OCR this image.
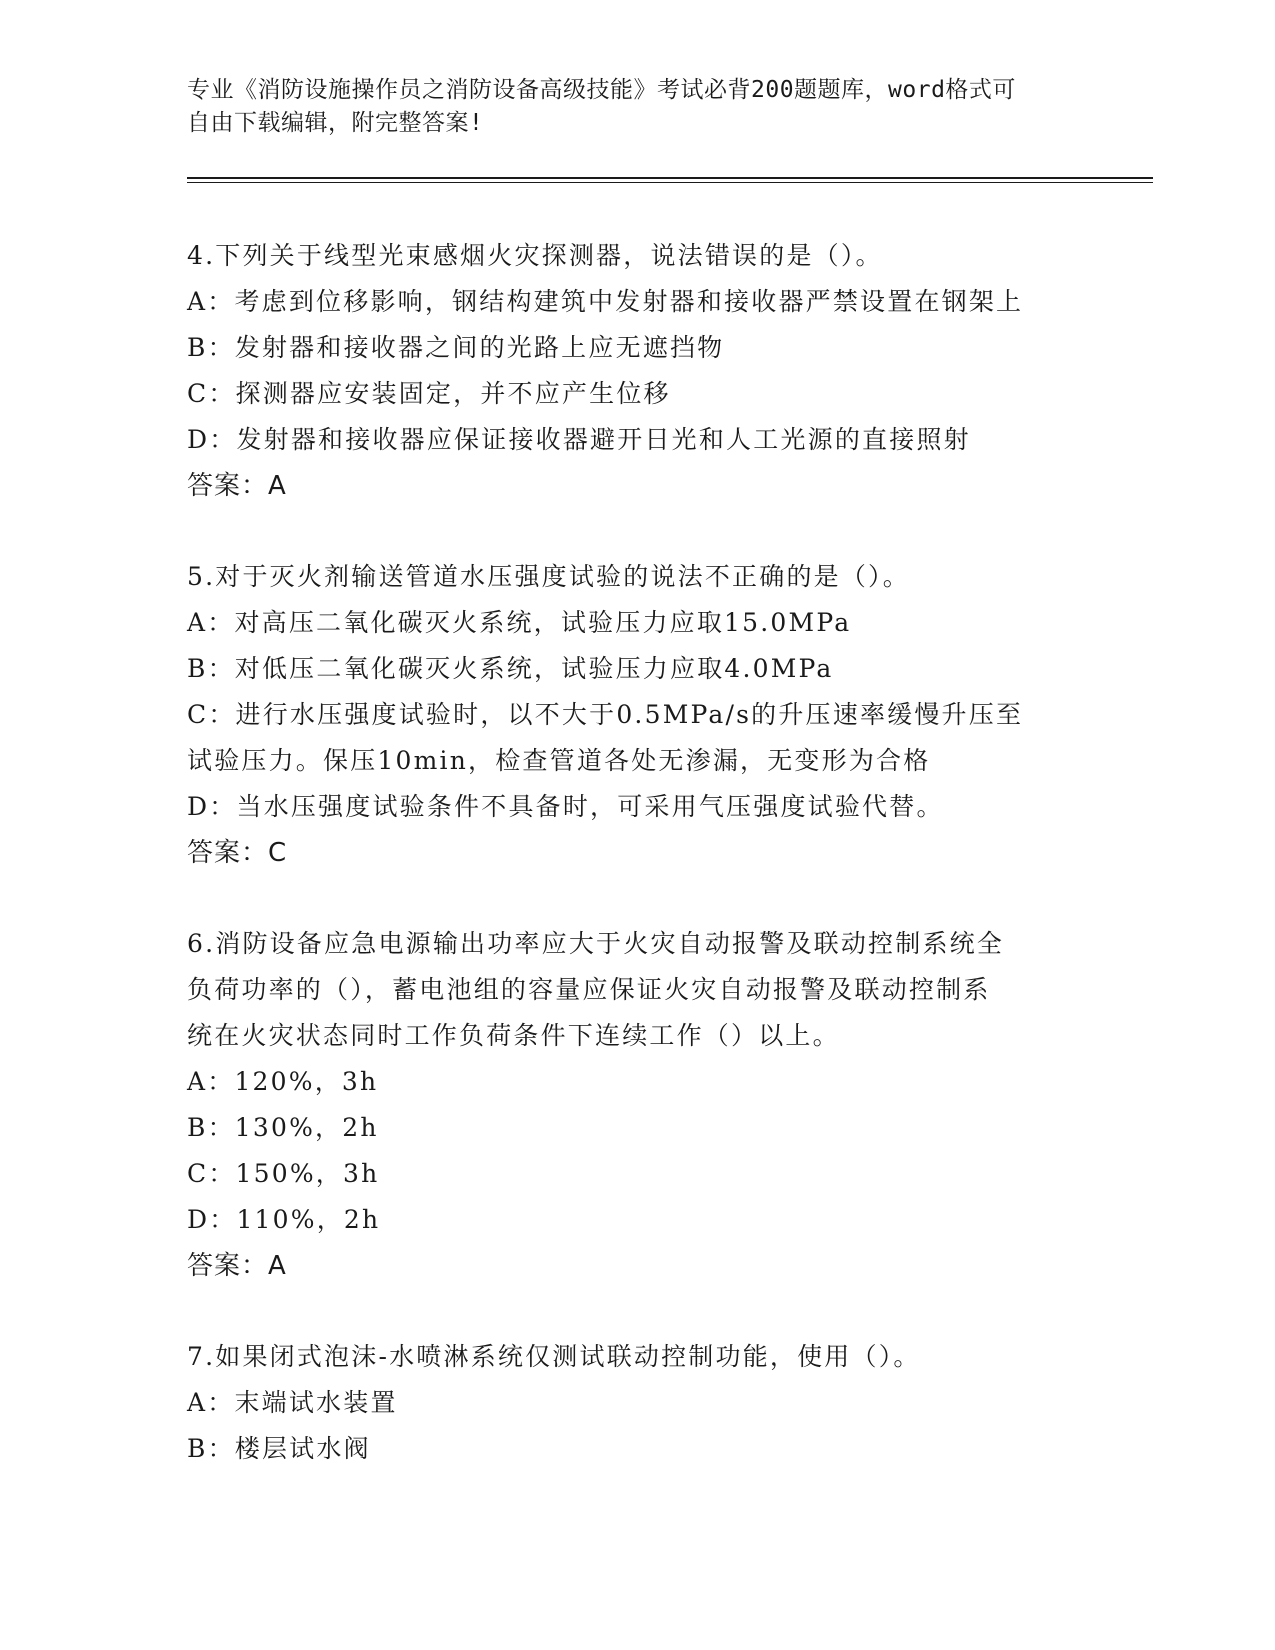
专业《消防设施操作员之消防设备高级技能》考试必背200题题库，word格式可
自由下载编辑，附完整答案!
4.下列关于线型光束感烟火灾探测器，说法错误的是（）。
A：考虑到位移影响，钢结构建筑中发射器和接收器严禁设置在钢架上
B：发射器和接收器之间的光路上应无遮挡物
C：探测器应安装固定，并不应产生位移
D：发射器和接收器应保证接收器避开日光和人工光源的直接照射
答案：A
5.对于灭火剂输送管道水压强度试验的说法不正确的是（）。
A：对高压二氧化碳灭火系统，试验压力应取15.0MPa
B：对低压二氧化碳灭火系统，试验压力应取4.0MPa
C：进行水压强度试验时，以不大于0.5MPa/s的升压速率缓慢升压至
试验压力。保压10min，检查管道各处无渗漏，无变形为合格
D：当水压强度试验条件不具备时，可采用气压强度试验代替。
答案：C
6.消防设备应急电源输出功率应大于火灾自动报警及联动控制系统全
负荷功率的（），蓄电池组的容量应保证火灾自动报警及联动控制系
统在火灾状态同时工作负荷条件下连续工作（）以上。
A：120%，3h
B：130%，2h
C：150%，3h
D：110%，2h
答案：A
7.如果闭式泡沫-水喷淋系统仅测试联动控制功能，使用（）。
A：末端试水装置
B：楼层试水阀
